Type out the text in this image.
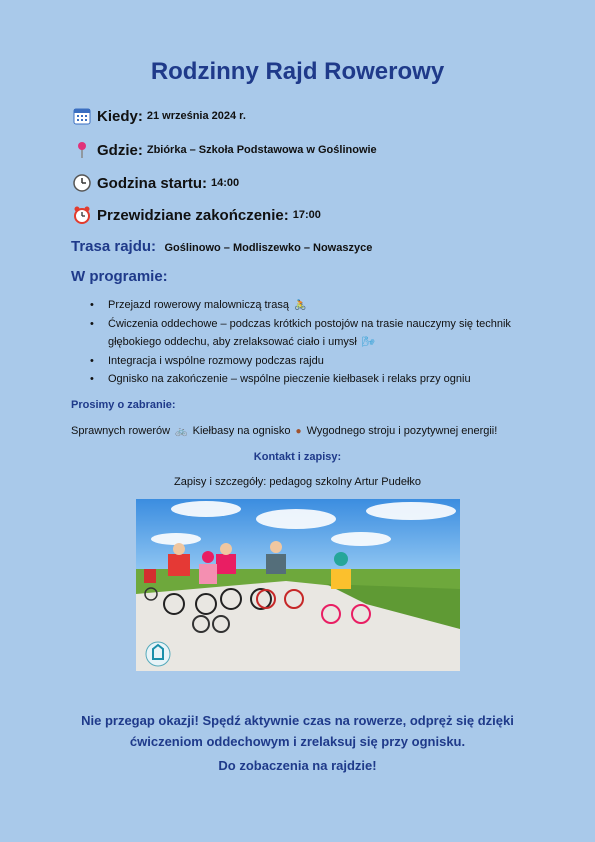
Rodzinny Rajd Rowerowy
Kiedy: 21 września 2024 r.
Gdzie: Zbiórka – Szkoła Podstawowa w Goślinowie
Godzina startu: 14:00
Przewidziane zakończenie: 17:00
Trasa rajdu: Goślinowo – Modliszewko – Nowaszyce
W programie:
• Przejazd rowerowy malowniczą trasą 🚴
• Ćwiczenia oddechowe – podczas krótkich postojów na trasie nauczymy się technik głębokiego oddechu, aby zrelaksować ciało i umysł 🌬
• Integracja i wspólne rozmowy podczas rajdu
• Ognisko na zakończenie – wspólne pieczenie kiełbasek i relaks przy ogniu
Prosimy o zabranie:
Sprawnych rowerów 🚲 Kiełbasy na ognisko ● Wygodnego stroju i pozytywnej energii!
Kontakt i zapisy:
Zapisy i szczegóły: pedagog szkolny Artur Pudełko
Nie przegap okazji! Spędź aktywnie czas na rowerze, odpręż się dzięki ćwiczeniom oddechowym i zrelaksuj się przy ognisku.
Do zobaczenia na rajdzie!
